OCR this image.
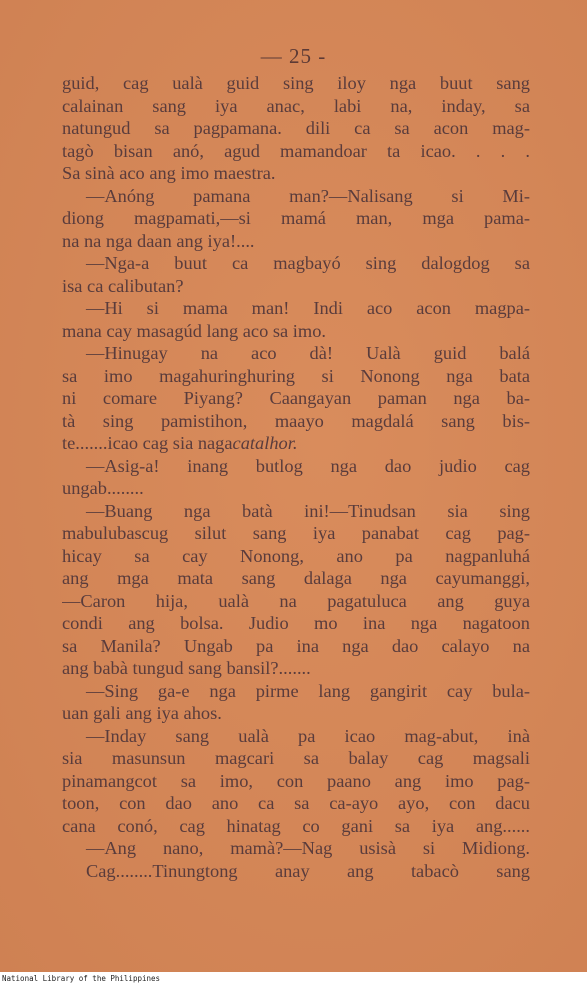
— 25 -
guid, cag ualà guid sing iloy nga buut sang
calainan sang iya anac, labi na, inday, sa
natungud sa pagpamana. dili ca sa acon mag-
tagò bisan anó, agud mamandoar ta icao. . . .
Sa sinà aco ang imo maestra.
—Anóng pamana man?—Nalisang si Mi-
diong magpamati,—si mamá man, mga pama-
na na nga daan ang iya!....
—Nga-a buut ca magbayó sing dalogdog sa
isa ca calibutan?
—Hi si mama man! Indi aco acon magpa-
mana cay masagúd lang aco sa imo.
—Hinugay na aco dà! Ualà guid balá
sa imo magahuringhuring si Nonong nga bata
ni comare Piyang? Caangayan paman nga ba-
tà sing pamistihon, maayo magdalá sang bis-
te.......icao cag sia nagacatalhor.
—Asig-a! inang butlog nga dao judio cag
ungab........
—Buang nga batà ini!—Tinudsan sia sing
mabulubascug silut sang iya panabat cag pag-
hicay sa cay Nonong, ano pa nagpanluhá
ang mga mata sang dalaga nga cayumanggi,
—Caron hija, ualà na pagatuluca ang guya
condi ang bolsa. Judio mo ina nga nagatoon
sa Manila? Ungab pa ina nga dao calayo na
ang babà tungud sang bansil?.......
—Sing ga-e nga pirme lang gangirit cay bula-
uan gali ang iya ahos.
—Inday sang ualà pa icao mag-abut, inà
sia masunsun magcari sa balay cag magsali
pinamangcot sa imo, con paano ang imo pag-
toon, con dao ano ca sa ca-ayo ayo, con dacu
cana conó, cag hinatag co gani sa iya ang......
—Ang nano, mamà?—Nag usisà si Midiong.
Cag........Tinungtong anay ang tabacò sang
National Library of the Philippines
